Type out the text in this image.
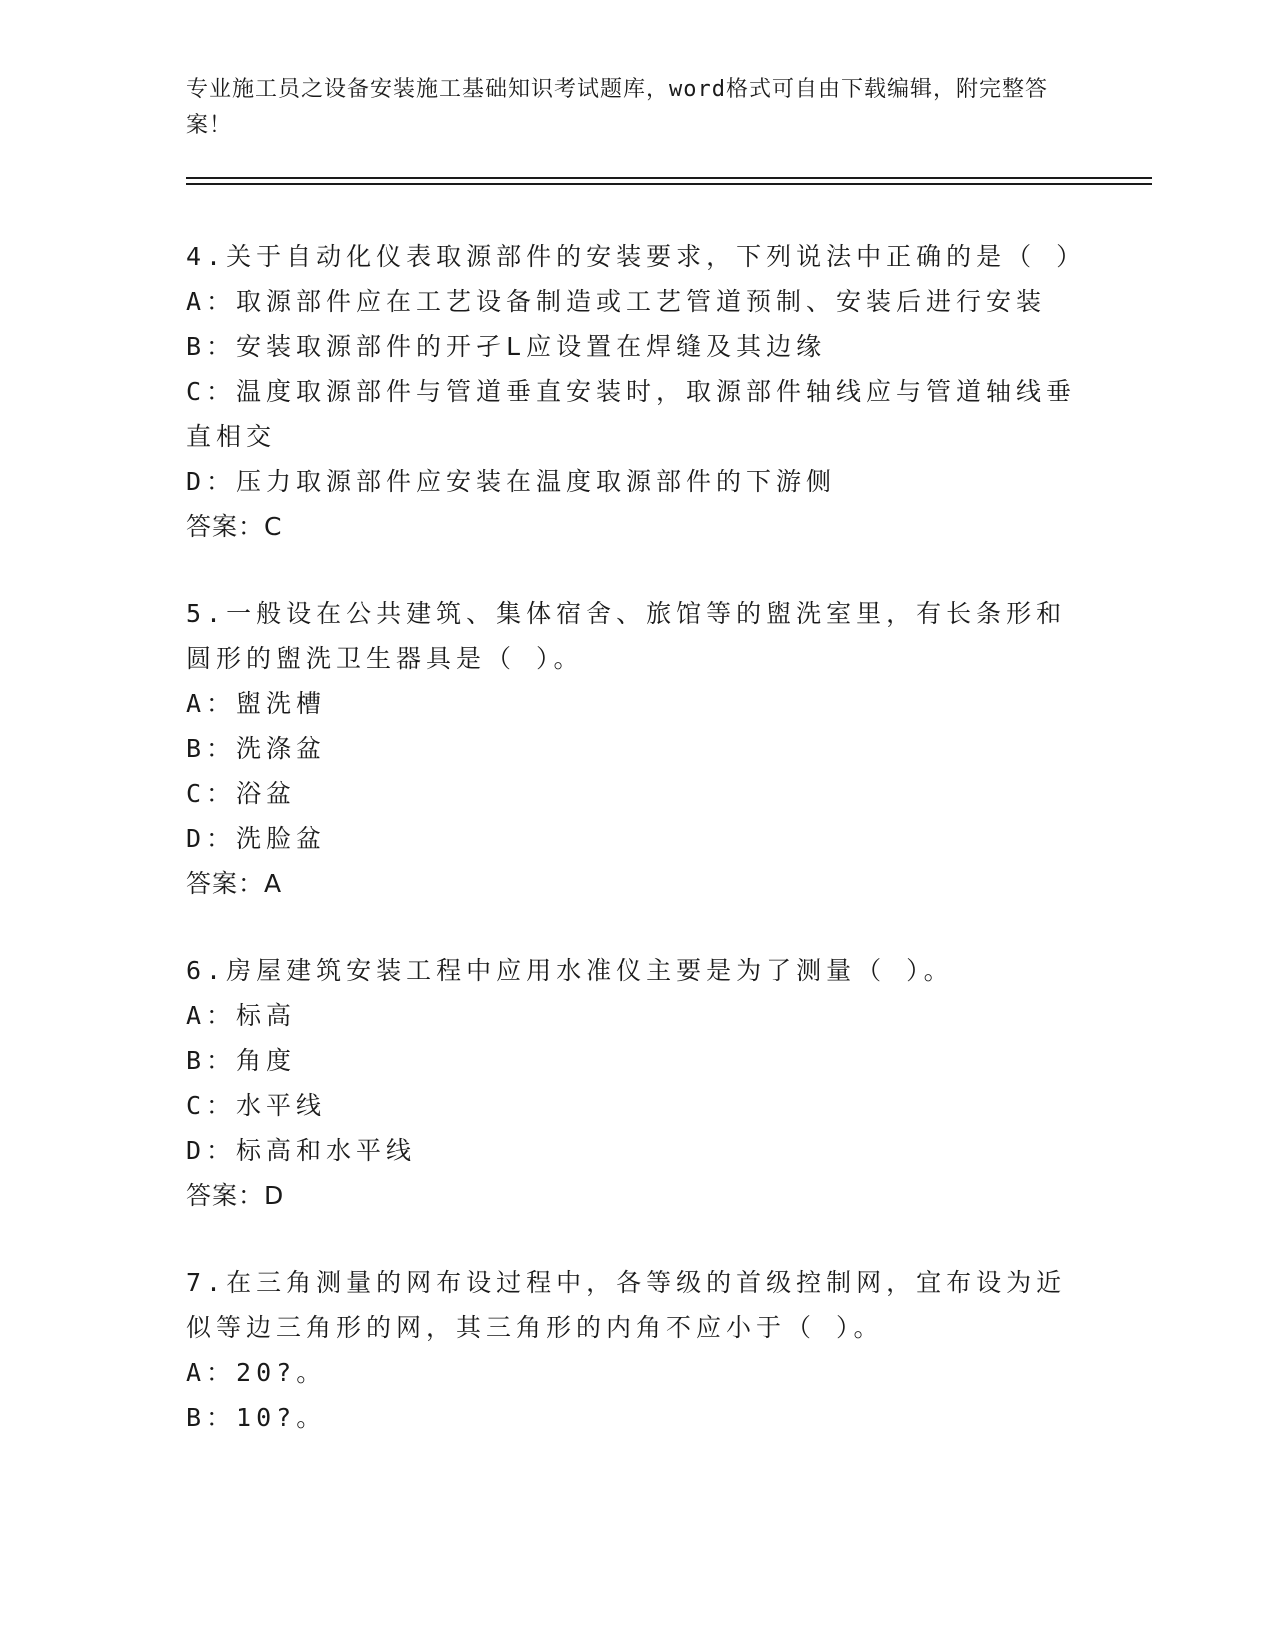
专业施工员之设备安装施工基础知识考试题库，word格式可自由下载编辑，附完整答案！

4.关于自动化仪表取源部件的安装要求，下列说法中正确的是（ ）

A：取源部件应在工艺设备制造或工艺管道预制、安装后进行安装

B：安装取源部件的开孑L应设置在焊缝及其边缘

C：温度取源部件与管道垂直安装时，取源部件轴线应与管道轴线垂直相交

D：压力取源部件应安装在温度取源部件的下游侧

答案：C

5.一般设在公共建筑、集体宿舍、旅馆等的盥洗室里，有长条形和圆形的盥洗卫生器具是（ ）。

A：盥洗槽

B：洗涤盆

C：浴盆

D：洗脸盆

答案：A

6.房屋建筑安装工程中应用水准仪主要是为了测量（ ）。

A：标高

B：角度

C：水平线

D：标高和水平线

答案：D

7.在三角测量的网布设过程中，各等级的首级控制网，宜布设为近似等边三角形的网，其三角形的内角不应小于（ ）。

A：20?。

B：10?。
